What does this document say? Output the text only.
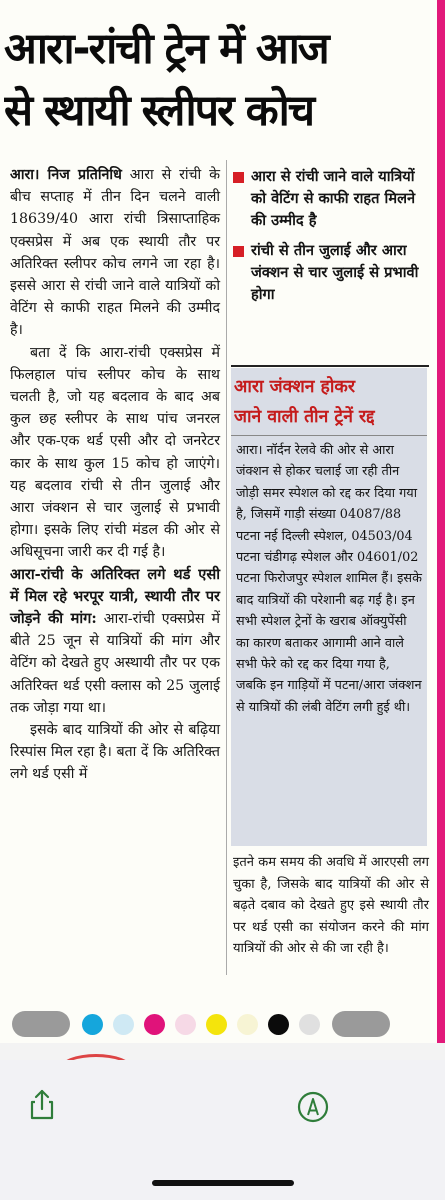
आरा-रांची ट्रेन में आज
से स्थायी स्लीपर कोच

आरा। निज प्रतिनिधि आरा से रांची के बीच सप्ताह में तीन दिन चलने वाली 18639/40 आरा रांची त्रिसाप्ताहिक एक्सप्रेस में अब एक स्थायी तौर पर अतिरिक्त स्लीपर कोच लगने जा रहा है। इससे आरा से रांची जाने वाले यात्रियों को वेटिंग से काफी राहत मिलने की उम्मीद है।

बता दें कि आरा-रांची एक्सप्रेस में फिलहाल पांच स्लीपर कोच के साथ चलती है, जो यह बदलाव के बाद अब कुल छह स्लीपर के साथ पांच जनरल और एक-एक थर्ड एसी और दो जनरेटर कार के साथ कुल 15 कोच हो जाएंगे। यह बदलाव रांची से तीन जुलाई और आरा जंक्शन से चार जुलाई से प्रभावी होगा। इसके लिए रांची मंडल की ओर से अधिसूचना जारी कर दी गई है।

आरा-रांची के अतिरिक्त लगे थर्ड एसी में मिल रहे भरपूर यात्री, स्थायी तौर पर जोड़ने की मांग: आरा-रांची एक्सप्रेस में बीते 25 जून से यात्रियों की मांग और वेटिंग को देखते हुए अस्थायी तौर पर एक अतिरिक्त थर्ड एसी क्लास को 25 जुलाई तक जोड़ा गया था।

इसके बाद यात्रियों की ओर से बढ़िया रिस्पांस मिल रहा है। बता दें कि अतिरिक्त लगे थर्ड एसी में

आरा से रांची जाने वाले यात्रियों को वेटिंग से काफी राहत मिलने की उम्मीद है
रांची से तीन जुलाई और आरा जंक्शन से चार जुलाई से प्रभावी होगा
आरा जंक्शन होकर
जाने वाली तीन ट्रेनें रद्द

आरा। नॉर्दन रेलवे की ओर से आरा जंक्शन से होकर चलाई जा रही तीन जोड़ी समर स्पेशल को रद्द कर दिया गया है, जिसमें गाड़ी संख्या 04087/88 पटना नई दिल्ली स्पेशल, 04503/04 पटना चंडीगढ़ स्पेशल और 04601/02 पटना फिरोजपुर स्पेशल शामिल हैं। इसके बाद यात्रियों की परेशानी बढ़ गई है। इन सभी स्पेशल ट्रेनों के खराब ऑक्युपेंसी का कारण बताकर आगामी आने वाले सभी फेरे को रद्द कर दिया गया है, जबकि इन गाड़ियों में पटना/आरा जंक्शन से यात्रियों की लंबी वेटिंग लगी हुई थी।

इतने कम समय की अवधि में आरएसी लग चुका है, जिसके बाद यात्रियों की ओर से बढ़ते दबाव को देखते हुए इसे स्थायी तौर पर थर्ड एसी का संयोजन करने की मांग यात्रियों की ओर से की जा रही है।
